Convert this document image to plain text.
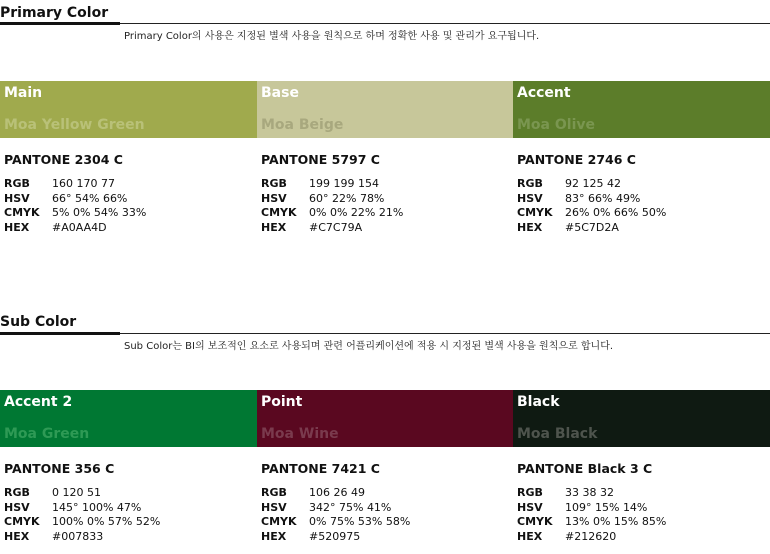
Primary Color
Primary Color의 사용은 지정된 별색 사용을 원칙으로 하며 정확한 사용 및 관리가 요구됩니다.
Main
Moa Yellow Green
Base
Moa Beige
Accent
Moa Olive
PANTONE 2304 C
RGB	160 170 77
HSV	66° 54% 66%
CMYK	5% 0% 54% 33%
HEX	#A0AA4D
PANTONE 5797 C
RGB	199 199 154
HSV	60° 22% 78%
CMYK	0% 0% 22% 21%
HEX	#C7C79A
PANTONE 2746 C
RGB	92 125 42
HSV	83° 66% 49%
CMYK	26% 0% 66% 50%
HEX	#5C7D2A
Sub Color
Sub Color는 BI의 보조적인 요소로 사용되며 관련 어플리케이션에 적용 시 지정된 별색 사용을 원칙으로 합니다.
Accent 2
Moa Green
Point
Moa Wine
Black
Moa Black
PANTONE 356 C
RGB	0 120 51
HSV	145° 100% 47%
CMYK	100% 0% 57% 52%
HEX	#007833
PANTONE 7421 C
RGB	106 26 49
HSV	342° 75% 41%
CMYK	0% 75% 53% 58%
HEX	#520975
PANTONE Black 3 C
RGB	33 38 32
HSV	109° 15% 14%
CMYK	13% 0% 15% 85%
HEX	#212620
